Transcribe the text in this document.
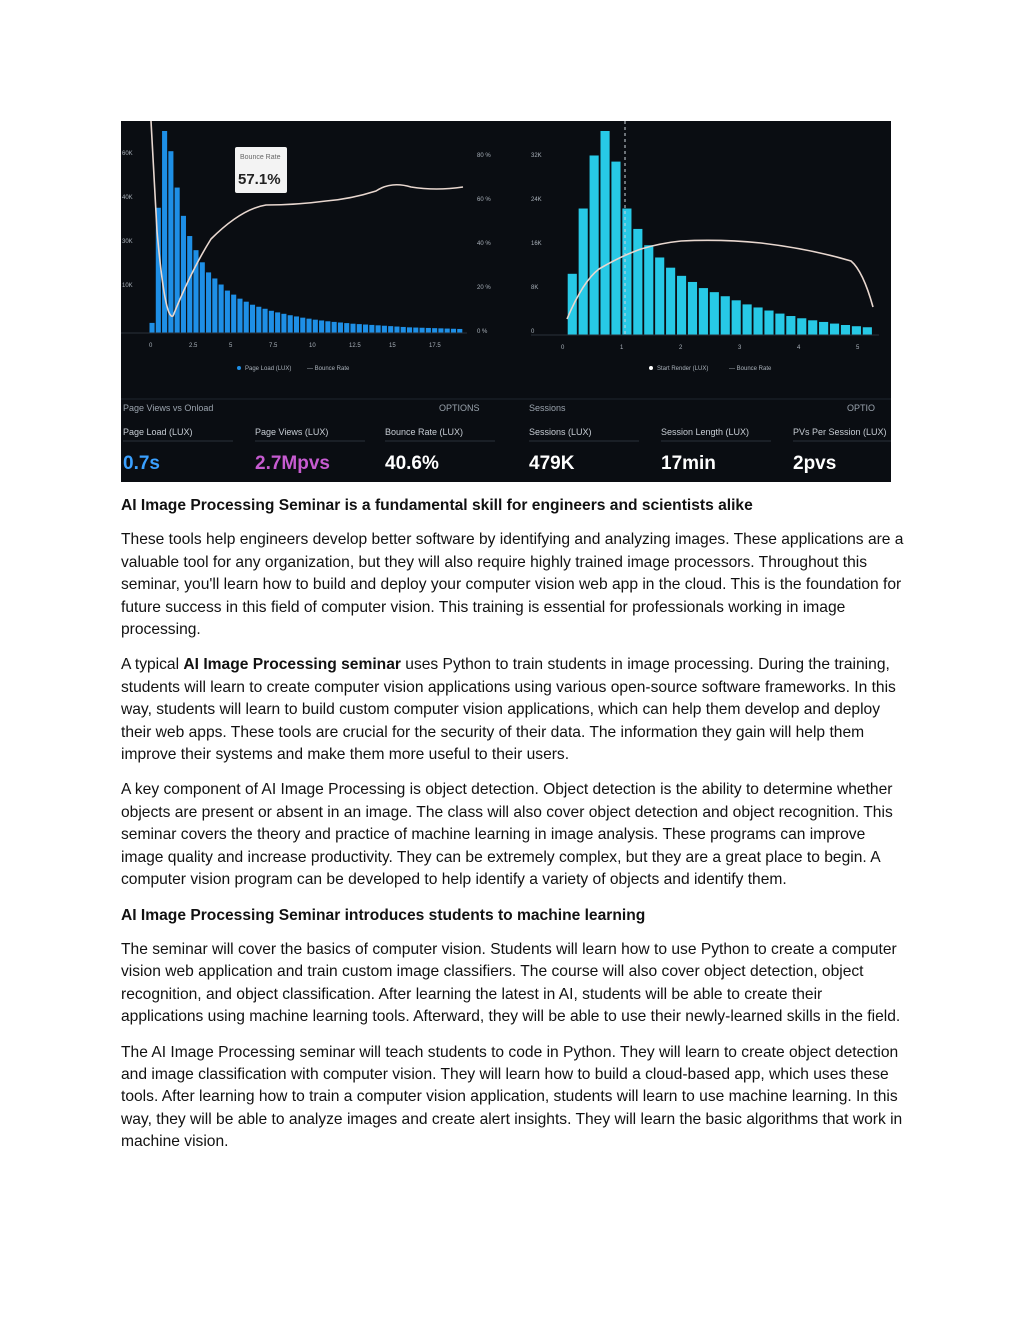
60K
40K
30K
10K
80 %
60 %
40 %
20 %
0 %
0	2.5	5	7.5	10	12.5	15	17.5
Page Load (LUX)	— Bounce Rate
32K
24K
16K
8K
0
0	1	2	3	4	5
Start Render (LUX)	— Bounce Rate
Bounce Rate
57.1%
Page Views vs Onload	OPTIONS	Sessions	OPTIO
Page Load (LUX)
0.7s
Page Views (LUX)
2.7Mpvs
Bounce Rate (LUX)
40.6%
Sessions (LUX)
479K
Session Length (LUX)
17min
PVs Per Session (LUX)
2pvs
AI Image Processing Seminar is a fundamental skill for engineers and scientists alike

These tools help engineers develop better software by identifying and analyzing images. These applications are a valuable tool for any organization, but they will also require highly trained image processors. Throughout this seminar, you'll learn how to build and deploy your computer vision web app in the cloud. This is the foundation for future success in this field of computer vision. This training is essential for professionals working in image processing.

A typical AI Image Processing seminar uses Python to train students in image processing. During the training, students will learn to create computer vision applications using various open-source software frameworks. In this way, students will learn to build custom computer vision applications, which can help them develop and deploy their web apps. These tools are crucial for the security of their data. The information they gain will help them improve their systems and make them more useful to their users.

A key component of AI Image Processing is object detection. Object detection is the ability to determine whether objects are present or absent in an image. The class will also cover object detection and object recognition. This seminar covers the theory and practice of machine learning in image analysis. These programs can improve image quality and increase productivity. They can be extremely complex, but they are a great place to begin. A computer vision program can be developed to help identify a variety of objects and identify them.

AI Image Processing Seminar introduces students to machine learning

The seminar will cover the basics of computer vision. Students will learn how to use Python to create a computer vision web application and train custom image classifiers. The course will also cover object detection, object recognition, and object classification. After learning the latest in AI, students will be able to create their applications using machine learning tools. Afterward, they will be able to use their newly-learned skills in the field.

The AI Image Processing seminar will teach students to code in Python. They will learn to create object detection and image classification with computer vision. They will learn how to build a cloud-based app, which uses these tools. After learning how to train a computer vision application, students will learn to use machine learning. In this way, they will be able to analyze images and create alert insights. They will learn the basic algorithms that work in machine vision.
